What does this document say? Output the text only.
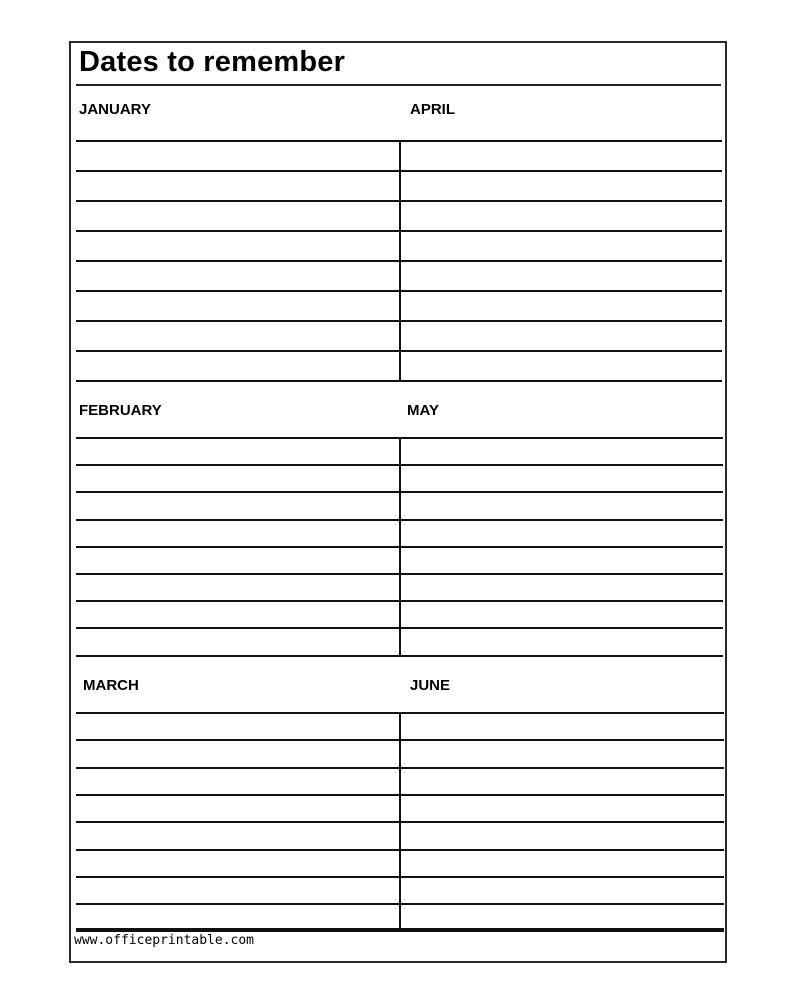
Dates to remember
JANUARY	APRIL
FEBRUARY	MAY
MARCH	JUNE
www.officeprintable.com
